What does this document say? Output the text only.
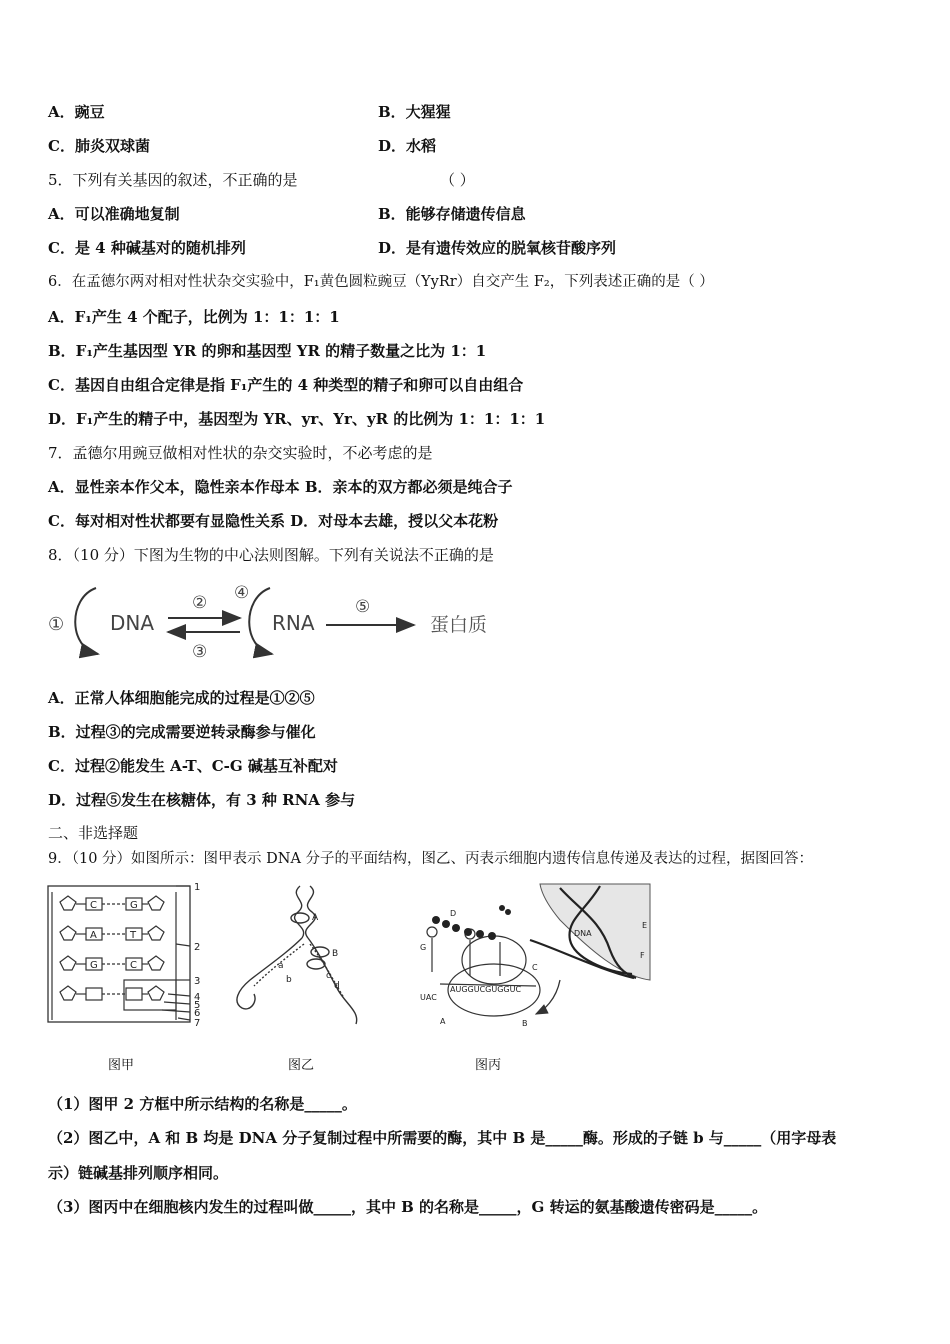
A．豌豆	B．大猩猩
C．肺炎双球菌	D．水稻
5．下列有关基因的叙述，不正确的是	（ ）
A．可以准确地复制	B．能够存储遗传信息
C．是 4 种碱基对的随机排列	D．是有遗传效应的脱氧核苷酸序列
6．在孟德尔两对相对性状杂交实验中，F₁黄色圆粒豌豆（YyRr）自交产生 F₂，下列表述正确的是（ ）
A．F₁产生 4 个配子，比例为 1：1：1：1
B．F₁产生基因型 YR 的卵和基因型 YR 的精子数量之比为 1：1
C．基因自由组合定律是指 F₁产生的 4 种类型的精子和卵可以自由组合
D．F₁产生的精子中，基因型为 YR、yr、Yr、yR 的比例为 1：1：1：1
7．孟德尔用豌豆做相对性状的杂交实验时，不必考虑的是
A．显性亲本作父本，隐性亲本作母本 B．亲本的双方都必须是纯合子
C．每对相对性状都要有显隐性关系 D．对母本去雄，授以父本花粉
8．（10 分）下图为生物的中心法则图解。下列有关说法不正确的是
① DNA
②
③
④
RNA
⑤
蛋白质
A．正常人体细胞能完成的过程是①②⑤
B．过程③的完成需要逆转录酶参与催化
C．过程②能发生 A-T、C-G 碱基互补配对
D．过程⑤发生在核糖体，有 3 种 RNA 参与
二、非选择题
9．（10 分）如图所示：图甲表示 DNA 分子的平面结构，图乙、丙表示细胞内遗传信息传递及表达的过程，据图回答：
C
A
G
G
T
C
1
2
3
4
5
6
7
图甲
A
B
a
b	c
d
图乙
AUGGUCGUGGUC
UAC
A	B
C
D
E
F
G
DNA
图丙
（1）图甲 2 方框中所示结构的名称是_____。
（2）图乙中，A 和 B 均是 DNA 分子复制过程中所需要的酶，其中 B 是_____酶。形成的子链 b 与_____（用字母表
示）链碱基排列顺序相同。
（3）图丙中在细胞核内发生的过程叫做_____，其中 B 的名称是_____，G 转运的氨基酸遗传密码是_____。
